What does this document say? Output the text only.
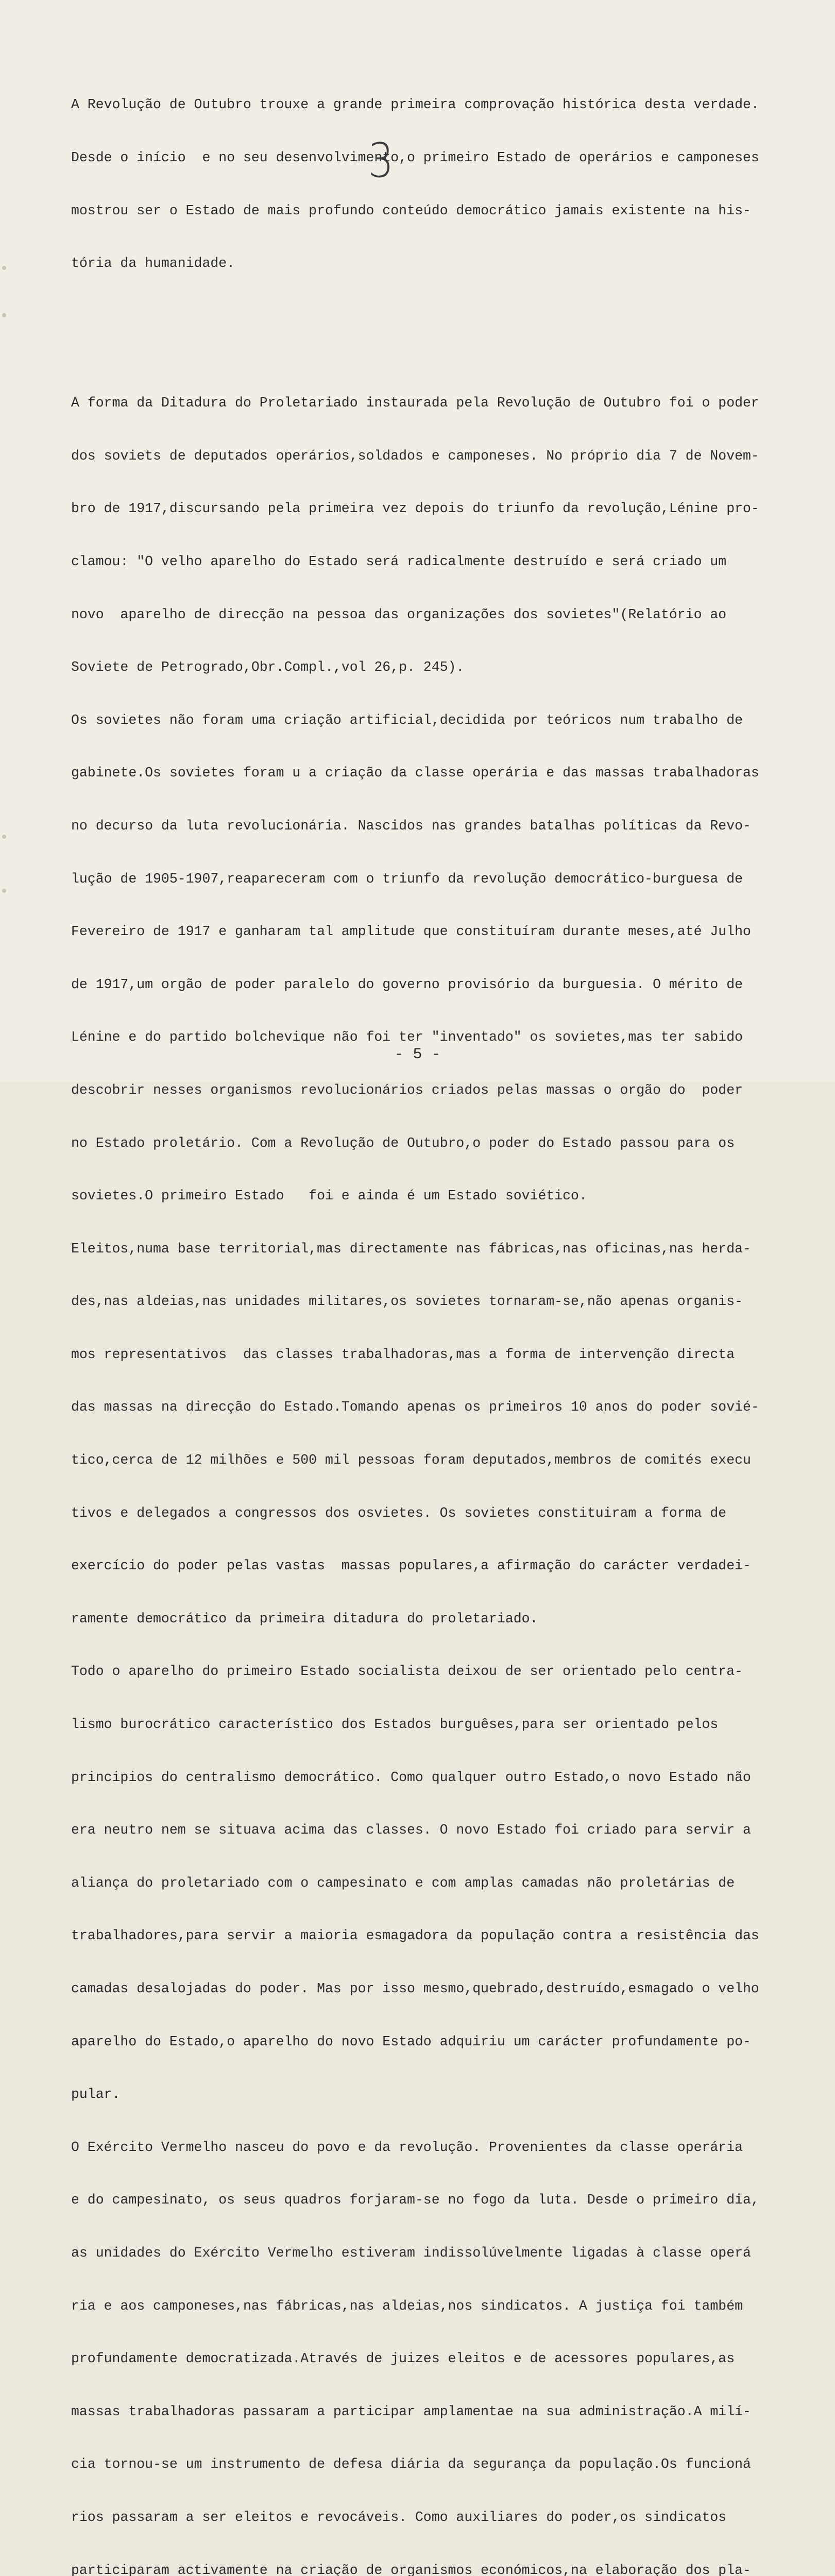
A Revolução de Outubro trouxe a grande primeira comprovação histórica desta verdade.

Desde o início  e no seu desenvolvimento,o primeiro Estado de operários e camponeses

mostrou ser o Estado de mais profundo conteúdo democrático jamais existente na his-

tória da humanidade.

A forma da Ditadura do Proletariado instaurada pela Revolução de Outubro foi o poder

dos soviets de deputados operários,soldados e camponeses. No próprio dia 7 de Novem-

bro de 1917,discursando pela primeira vez depois do triunfo da revolução,Lénine pro-

clamou: "O velho aparelho do Estado será radicalmente destruído e será criado um

novo  aparelho de direcção na pessoa das organizações dos sovietes"(Relatório ao

Soviete de Petrogrado,Obr.Compl.,vol 26,p. 245).

Os sovietes não foram uma criação artificial,decidida por teóricos num trabalho de

gabinete.Os sovietes foram u a criação da classe operária e das massas trabalhadoras

no decurso da luta revolucionária. Nascidos nas grandes batalhas políticas da Revo-

lução de 1905-1907,reapareceram com o triunfo da revolução democrático-burguesa de

Fevereiro de 1917 e ganharam tal amplitude que constituíram durante meses,até Julho

de 1917,um orgão de poder paralelo do governo provisório da burguesia. O mérito de

Lénine e do partido bolchevique não foi ter "inventado" os sovietes,mas ter sabido

descobrir nesses organismos revolucionários criados pelas massas o orgão do  poder

no Estado proletário. Com a Revolução de Outubro,o poder do Estado passou para os

sovietes.O primeiro Estado   foi e ainda é um Estado soviético.

Eleitos,numa base territorial,mas directamente nas fábricas,nas oficinas,nas herda-

des,nas aldeias,nas unidades militares,os sovietes tornaram-se,não apenas organis-

mos representativos  das classes trabalhadoras,mas a forma de intervenção directa

das massas na direcção do Estado.Tomando apenas os primeiros 10 anos do poder sovié-

tico,cerca de 12 milhões e 500 mil pessoas foram deputados,membros de comités execu

tivos e delegados a congressos dos osvietes. Os sovietes constituiram a forma de

exercício do poder pelas vastas  massas populares,a afirmação do carácter verdadei-

ramente democrático da primeira ditadura do proletariado.

Todo o aparelho do primeiro Estado socialista deixou de ser orientado pelo centra-

lismo burocrático característico dos Estados burguêses,para ser orientado pelos

principios do centralismo democrático. Como qualquer outro Estado,o novo Estado não

era neutro nem se situava acima das classes. O novo Estado foi criado para servir a

aliança do proletariado com o campesinato e com amplas camadas não proletárias de

trabalhadores,para servir a maioria esmagadora da população contra a resistência das

camadas desalojadas do poder. Mas por isso mesmo,quebrado,destruído,esmagado o velho

aparelho do Estado,o aparelho do novo Estado adquiriu um carácter profundamente po-

pular.

O Exército Vermelho nasceu do povo e da revolução. Provenientes da classe operária

e do campesinato, os seus quadros forjaram-se no fogo da luta. Desde o primeiro dia,

as unidades do Exército Vermelho estiveram indissolúvelmente ligadas à classe operá

ria e aos camponeses,nas fábricas,nas aldeias,nos sindicatos. A justiça foi também

profundamente democratizada.Através de juizes eleitos e de acessores populares,as

massas trabalhadoras passaram a participar amplamentae na sua administração.A milí-

cia tornou-se um instrumento de defesa diária da segurança da população.Os funcioná

rios passaram a ser eleitos e revocáveis. Como auxiliares do poder,os sindicatos

participaram activamente na criação de organismos económicos,na elaboração dos pla-

3
- 5 -
